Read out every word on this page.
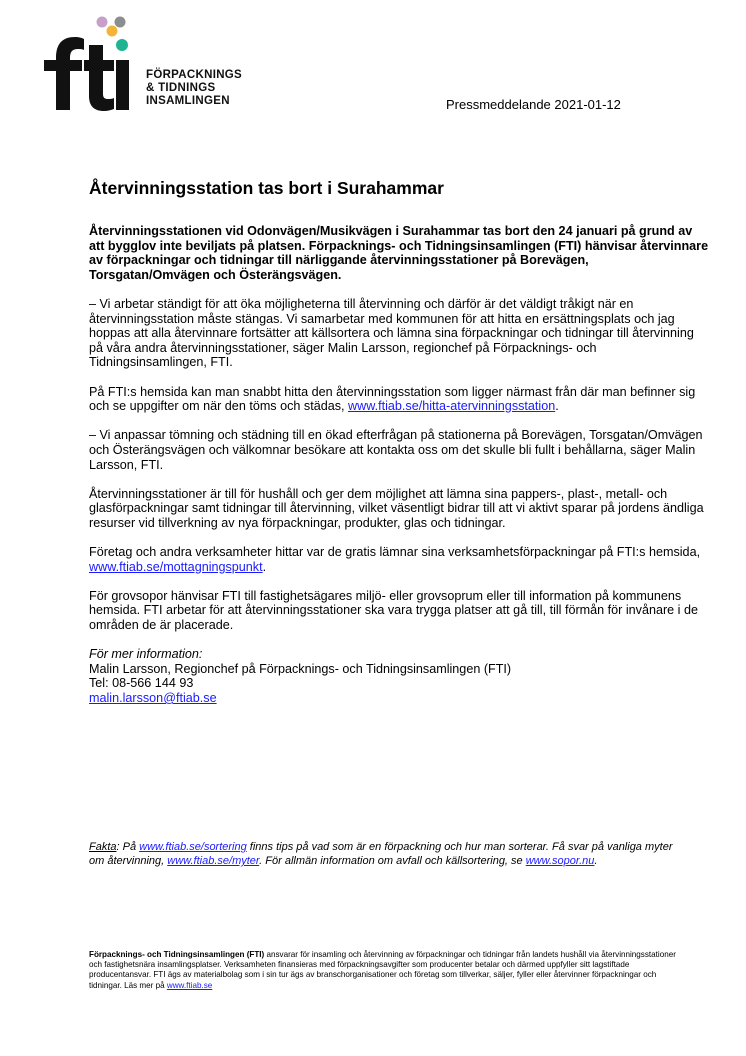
FÖRPACKNINGS
& TIDNINGS
INSAMLINGEN	Pressmeddelande 2021-01-12
Återvinningsstation tas bort i Surahammar

Återvinningsstationen vid Odonvägen/Musikvägen i Surahammar tas bort den 24 januari på grund av att bygglov inte beviljats på platsen. Förpacknings- och Tidningsinsamlingen (FTI) hänvisar återvinnare av förpackningar och tidningar till närliggande återvinningsstationer på Borevägen, Torsgatan/Omvägen och Österängsvägen.

– Vi arbetar ständigt för att öka möjligheterna till återvinning och därför är det väldigt tråkigt när en återvinningsstation måste stängas. Vi samarbetar med kommunen för att hitta en ersättningsplats och jag hoppas att alla återvinnare fortsätter att källsortera och lämna sina förpackningar och tidningar till återvinning på våra andra återvinningsstationer, säger Malin Larsson, regionchef på Förpacknings- och Tidningsinsamlingen, FTI.

På FTI:s hemsida kan man snabbt hitta den återvinningsstation som ligger närmast från där man befinner sig och se uppgifter om när den töms och städas, www.ftiab.se/hitta-atervinningsstation.

– Vi anpassar tömning och städning till en ökad efterfrågan på stationerna på Borevägen, Torsgatan/Omvägen och Österängsvägen och välkomnar besökare att kontakta oss om det skulle bli fullt i behållarna, säger Malin Larsson, FTI.

Återvinningsstationer är till för hushåll och ger dem möjlighet att lämna sina pappers-, plast-, metall- och glasförpackningar samt tidningar till återvinning, vilket väsentligt bidrar till att vi aktivt sparar på jordens ändliga resurser vid tillverkning av nya förpackningar, produkter, glas och tidningar.

Företag och andra verksamheter hittar var de gratis lämnar sina verksamhetsförpackningar på FTI:s hemsida, www.ftiab.se/mottagningspunkt.

För grovsopor hänvisar FTI till fastighetsägares miljö- eller grovsoprum eller till information på kommunens hemsida. FTI arbetar för att återvinningsstationer ska vara trygga platser att gå till, till förmån för invånare i de områden de är placerade.

För mer information:
Malin Larsson, Regionchef på Förpacknings- och Tidningsinsamlingen (FTI)
Tel: 08-566 144 93
malin.larsson@ftiab.se
Fakta: På www.ftiab.se/sortering finns tips på vad som är en förpackning och hur man sorterar. Få svar på vanliga myter om återvinning, www.ftiab.se/myter. För allmän information om avfall och källsortering, se www.sopor.nu.
Förpacknings- och Tidningsinsamlingen (FTI) ansvarar för insamling och återvinning av förpackningar och tidningar från landets hushåll via återvinningsstationer och fastighetsnära insamlingsplatser. Verksamheten finansieras med förpackningsavgifter som producenter betalar och därmed uppfyller sitt lagstiftade producentansvar. FTI ägs av materialbolag som i sin tur ägs av branschorganisationer och företag som tillverkar, säljer, fyller eller återvinner förpackningar och tidningar. Läs mer på www.ftiab.se
